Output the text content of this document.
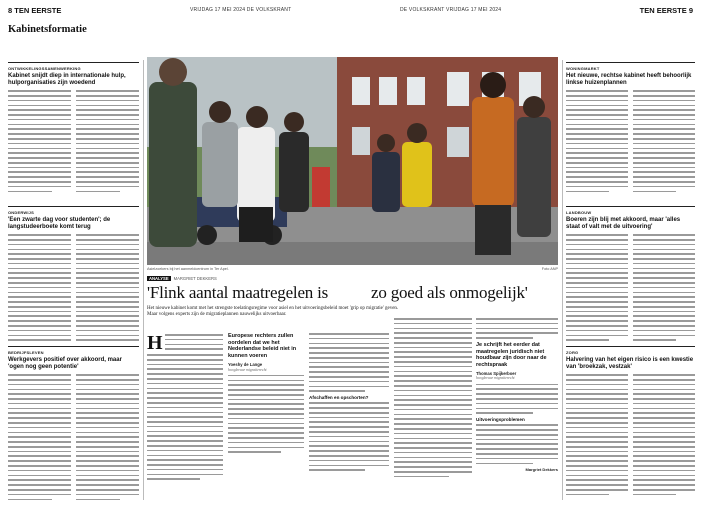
8 TEN EERSTE	VRIJDAG 17 MEI 2024 DE VOLKSKRANT	DE VOLKSKRANT VRIJDAG 17 MEI 2024	TEN EERSTE 9
Kabinetsformatie
ONTWIKKELINGSSAMENWERKING
Kabinet snijdt diep in internationale hulp, hulporganisaties zijn woedend
ONDERWIJS
'Een zwarte dag voor studenten'; de langstudeerboete komt terug
BEDRIJFSLEVEN
Werkgevers positief over akkoord, maar 'ogen nog geen potentie'
WONINGMARKT
Het nieuwe, rechtse kabinet heeft behoorlijk linkse huizenplannen
LANDBOUW
Boeren zijn blij met akkoord, maar 'alles staat of valt met de uitvoering'
ZORG
Halvering van het eigen risico is een kwestie van 'broekzak, vestzak'
Asielzoekers bij het aanmeldcentrum in Ter Apel.	Foto ANP
ANALYSE MARGRIET DEKKERS
'Flink aantal maatregelen is	zo goed als onmogelijk'
Het nieuwe kabinet komt met het strengste toelatingsregime voor asiel en het uitvoeringsbeleid moet 'grip op migratie' geven. Maar volgens experts zijn de migratieplannen nauwelijks uitvoerbaar.
H	Europese rechters zullen oordelen dat we het Nederlandse beleid niet in kunnen voeren
Yoeshy de Lange
hoogleraar migratierecht
Afschaffen en opschorten?
Je schrijft het eerder dat maatregelen juridisch niet houdbaar zijn door naar de rechtspraak
Thomas Spijkerboer
hoogleraar migratierecht
Uitvoeringsproblemen
Margriet Dekkers
